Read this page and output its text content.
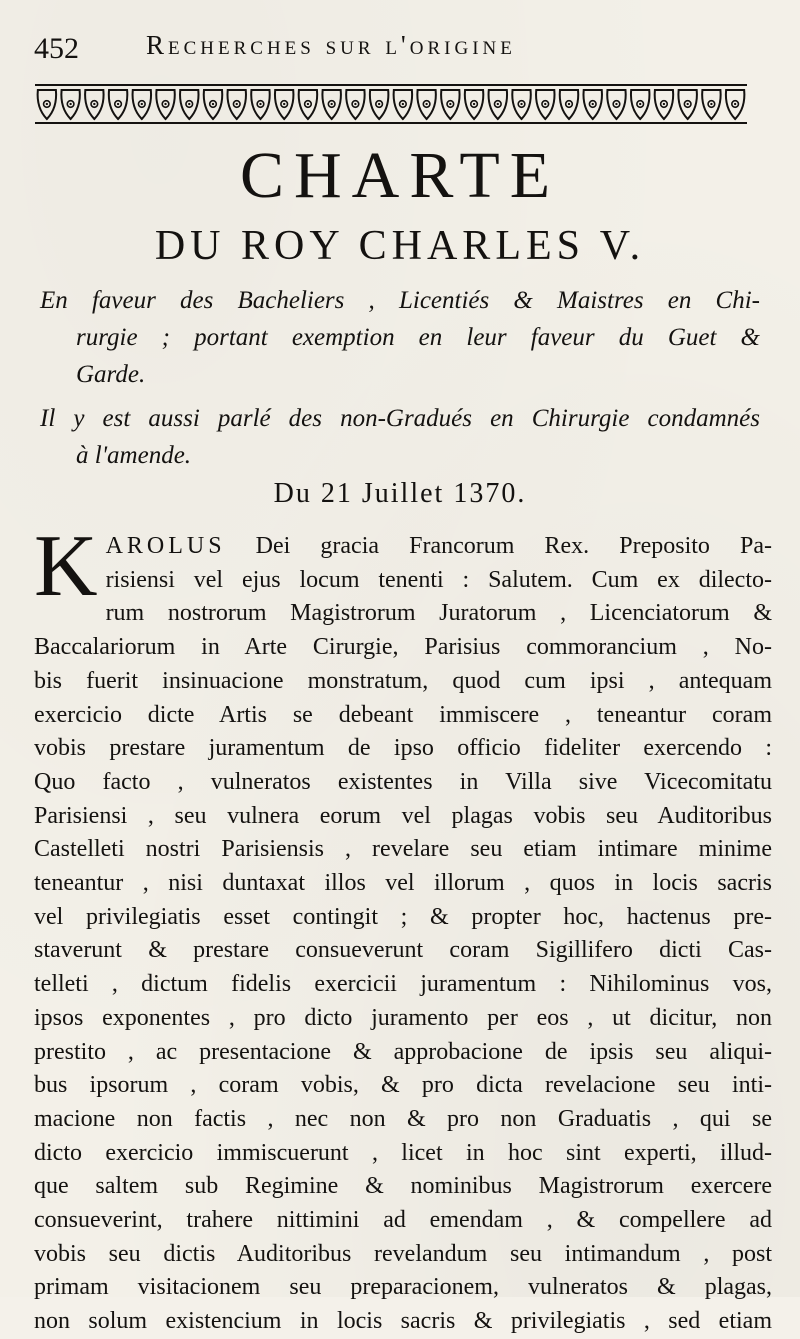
452 Recherches sur l'origine
CHARTE
DU ROY CHARLES V.
En faveur des Bacheliers , Licentiés & Maistres en Chi-
rurgie ; portant exemption en leur faveur du Guet &
Garde.
Il y est aussi parlé des non-Gradués en Chirurgie condamnés
à l'amende.
Du 21 Juillet 1370.
K AROLUS Dei gracia Francorum Rex. Preposito Pa-
risiensi vel ejus locum tenenti : Salutem. Cum ex dilecto-
rum nostrorum Magistrorum Juratorum , Licenciatorum &
Baccalariorum in Arte Cirurgie, Parisius commorancium , No-
bis fuerit insinuacione monstratum, quod cum ipsi , antequam
exercicio dicte Artis se debeant immiscere , teneantur coram
vobis prestare juramentum de ipso officio fideliter exercendo :
Quo facto , vulneratos existentes in Villa sive Vicecomitatu
Parisiensi , seu vulnera eorum vel plagas vobis seu Auditoribus
Castelleti nostri Parisiensis , revelare seu etiam intimare minime
teneantur , nisi duntaxat illos vel illorum , quos in locis sacris
vel privilegiatis esset contingit ; & propter hoc, hactenus pre-
staverunt & prestare consueverunt coram Sigillifero dicti Cas-
telleti , dictum fidelis exercicii juramentum : Nihilominus vos,
ipsos exponentes , pro dicto juramento per eos , ut dicitur, non
prestito , ac presentacione & approbacione de ipsis seu aliqui-
bus ipsorum , coram vobis, & pro dicta revelacione seu inti-
macione non factis , nec non & pro non Graduatis , qui se
dicto exercicio immiscuerunt , licet in hoc sint experti, illud-
que saltem sub Regimine & nominibus Magistrorum exercere
consueverint, trahere nittimini ad emendam , & compellere ad
vobis seu dictis Auditoribus revelandum seu intimandum , post
primam visitacionem seu preparacionem, vulneratos & plagas,
non solum existencium in locis sacris & privilegiatis , sed etiam
